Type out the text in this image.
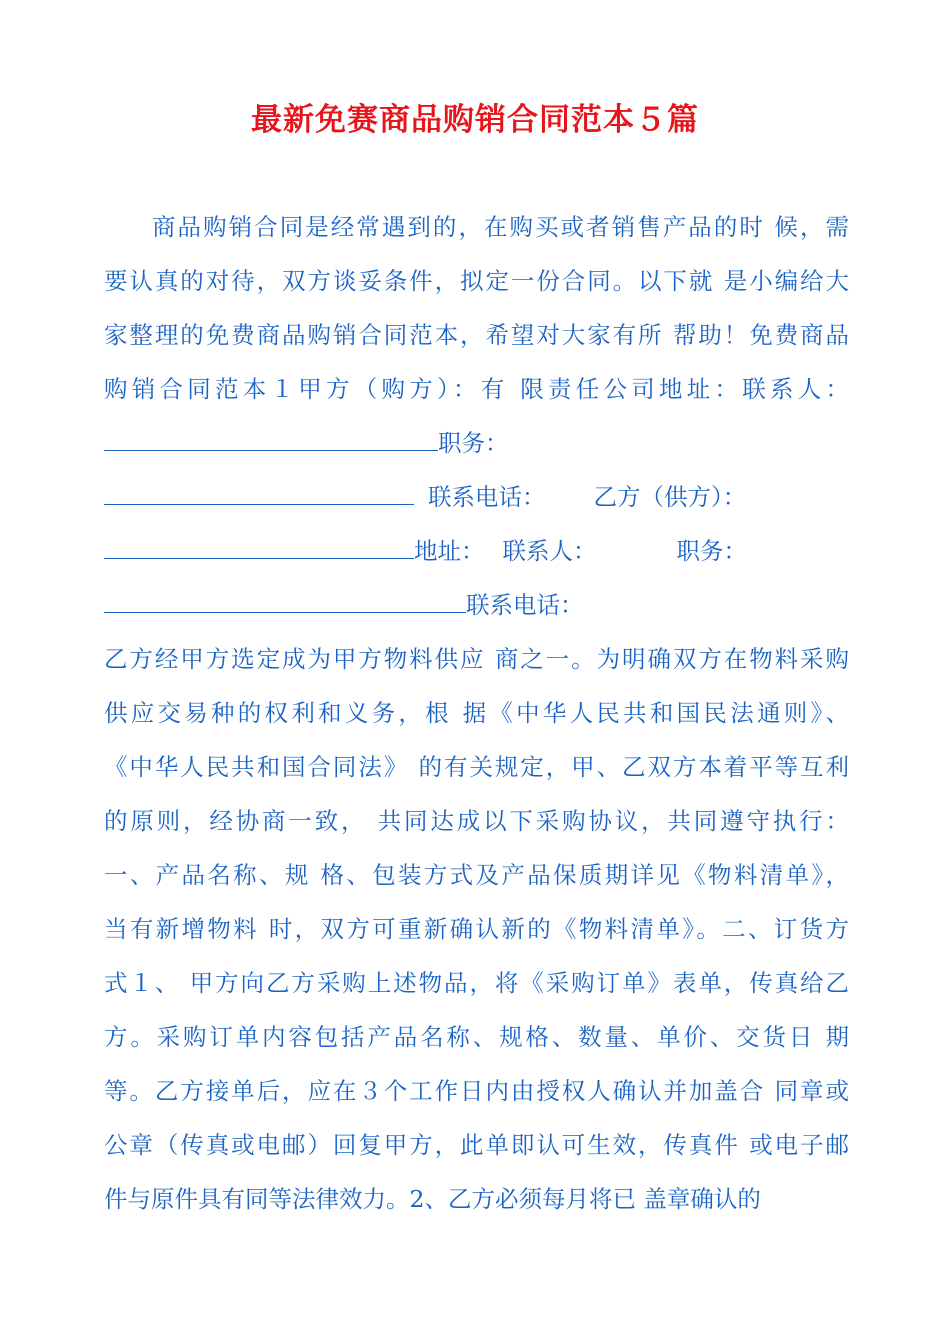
最新免赛商品购销合同范本５篇
商品购销合同是经常遇到的，在购买或者销售产品的时 候，需
要认真的对待，双方谈妥条件，拟定一份合同。以下就 是小编给大
家整理的免费商品购销合同范本，希望对大家有所 帮助！免费商品
购销合同范本１甲方（购方）：有 限责任公司地址：联系人：
职务：
联系电话： 乙方（供方）：
地址： 联系人：	职务：
联系电话：
乙方经甲方选定成为甲方物料供应 商之一。为明确双方在物料采购
供应交易种的权利和义务，根 据《中华人民共和国民法通则》、
《中华人民共和国合同法》 的有关规定，甲、乙双方本着平等互利
的原则，经协商一致， 共同达成以下采购协议，共同遵守执行：
一、产品名称、规 格、包装方式及产品保质期详见《物料清单》，
当有新增物料 时，双方可重新确认新的《物料清单》。二、订货方
式１、 甲方向乙方采购上述物品，将《采购订单》表单，传真给乙
方。采购订单内容包括产品名称、规格、数量、单价、交货日 期
等。乙方接单后，应在３个工作日内由授权人确认并加盖合 同章或
公章（传真或电邮）回复甲方，此单即认可生效，传真件 或电子邮
件与原件具有同等法律效力。2、乙方必须每月将已 盖章确认的
